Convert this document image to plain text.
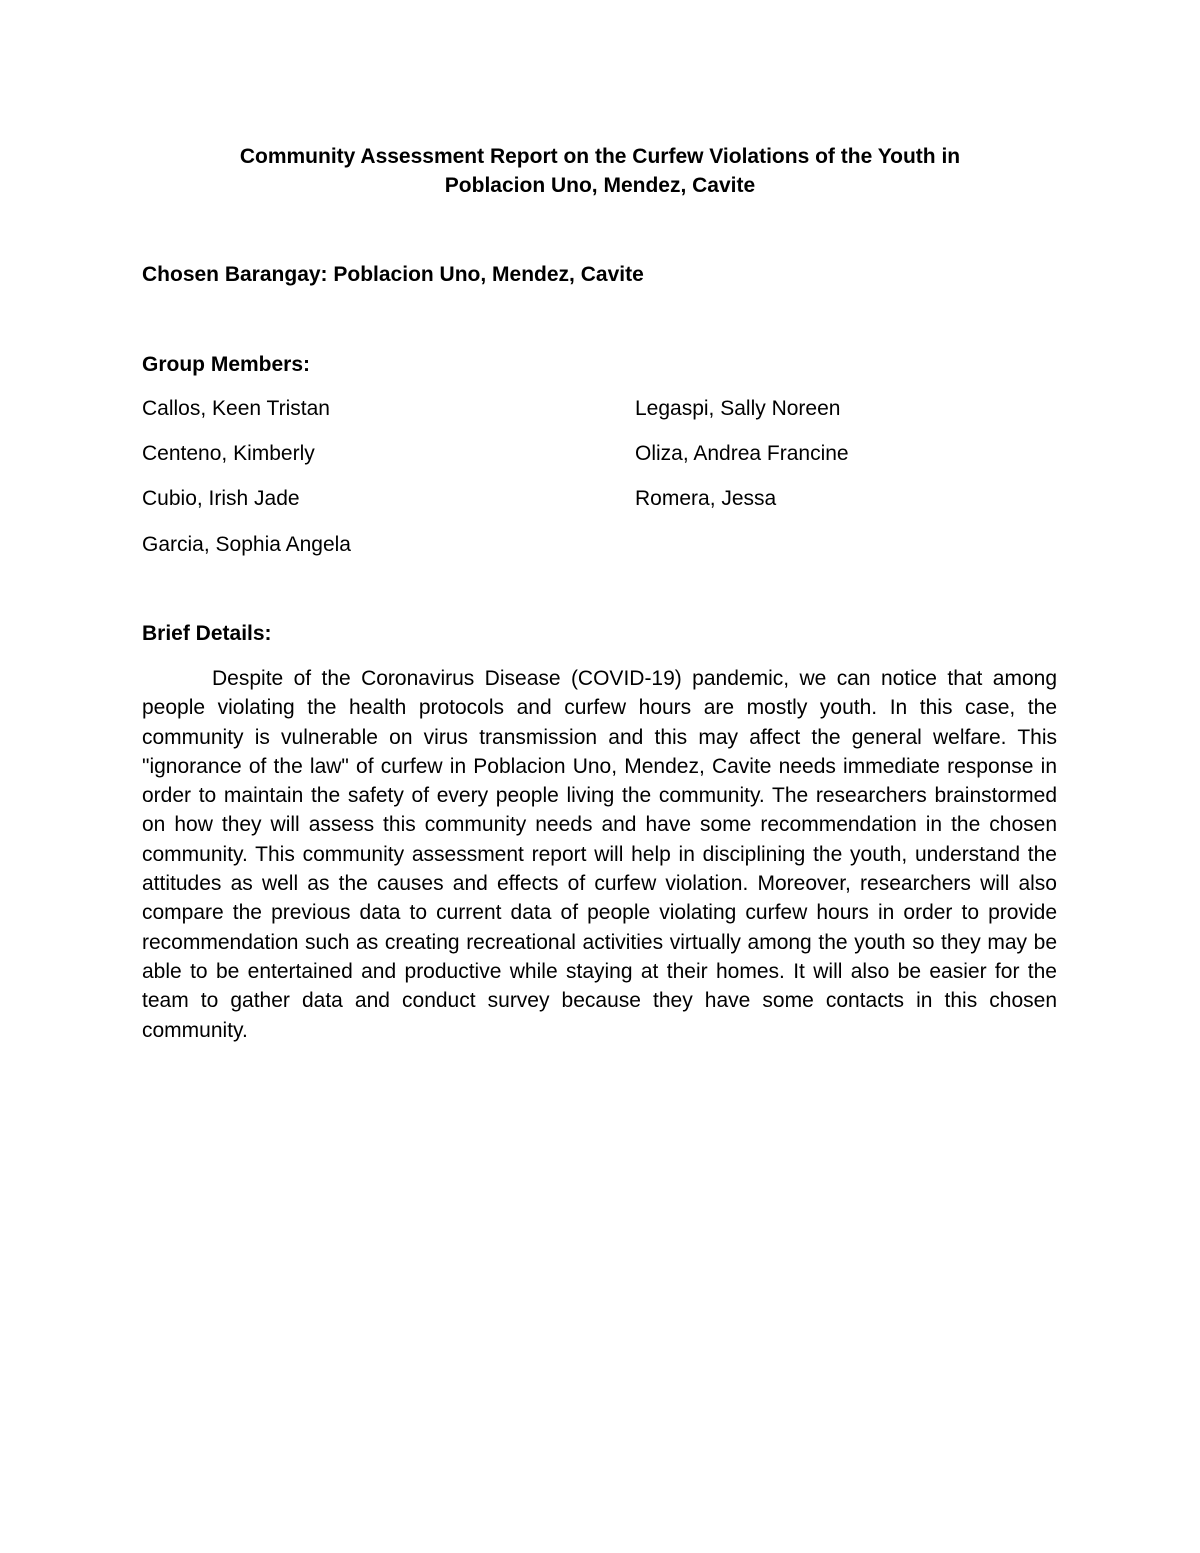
Community Assessment Report on the Curfew Violations of the Youth in
Poblacion Uno, Mendez, Cavite
Chosen Barangay: Poblacion Uno, Mendez, Cavite
Group Members:
Callos, Keen Tristan
Centeno, Kimberly
Cubio, Irish Jade
Garcia, Sophia Angela
Legaspi, Sally Noreen
Oliza, Andrea Francine
Romera, Jessa
Brief Details:

Despite of the Coronavirus Disease (COVID-19) pandemic, we can notice that among people violating the health protocols and curfew hours are mostly youth. In this case, the community is vulnerable on virus transmission and this may affect the general welfare. This "ignorance of the law" of curfew in Poblacion Uno, Mendez, Cavite needs immediate response in order to maintain the safety of every people living the community. The researchers brainstormed on how they will assess this community needs and have some recommendation in the chosen community. This community assessment report will help in disciplining the youth, understand the attitudes as well as the causes and effects of curfew violation. Moreover, researchers will also compare the previous data to current data of people violating curfew hours in order to provide recommendation such as creating recreational activities virtually among the youth so they may be able to be entertained and productive while staying at their homes. It will also be easier for the team to gather data and conduct survey because they have some contacts in this chosen community.
